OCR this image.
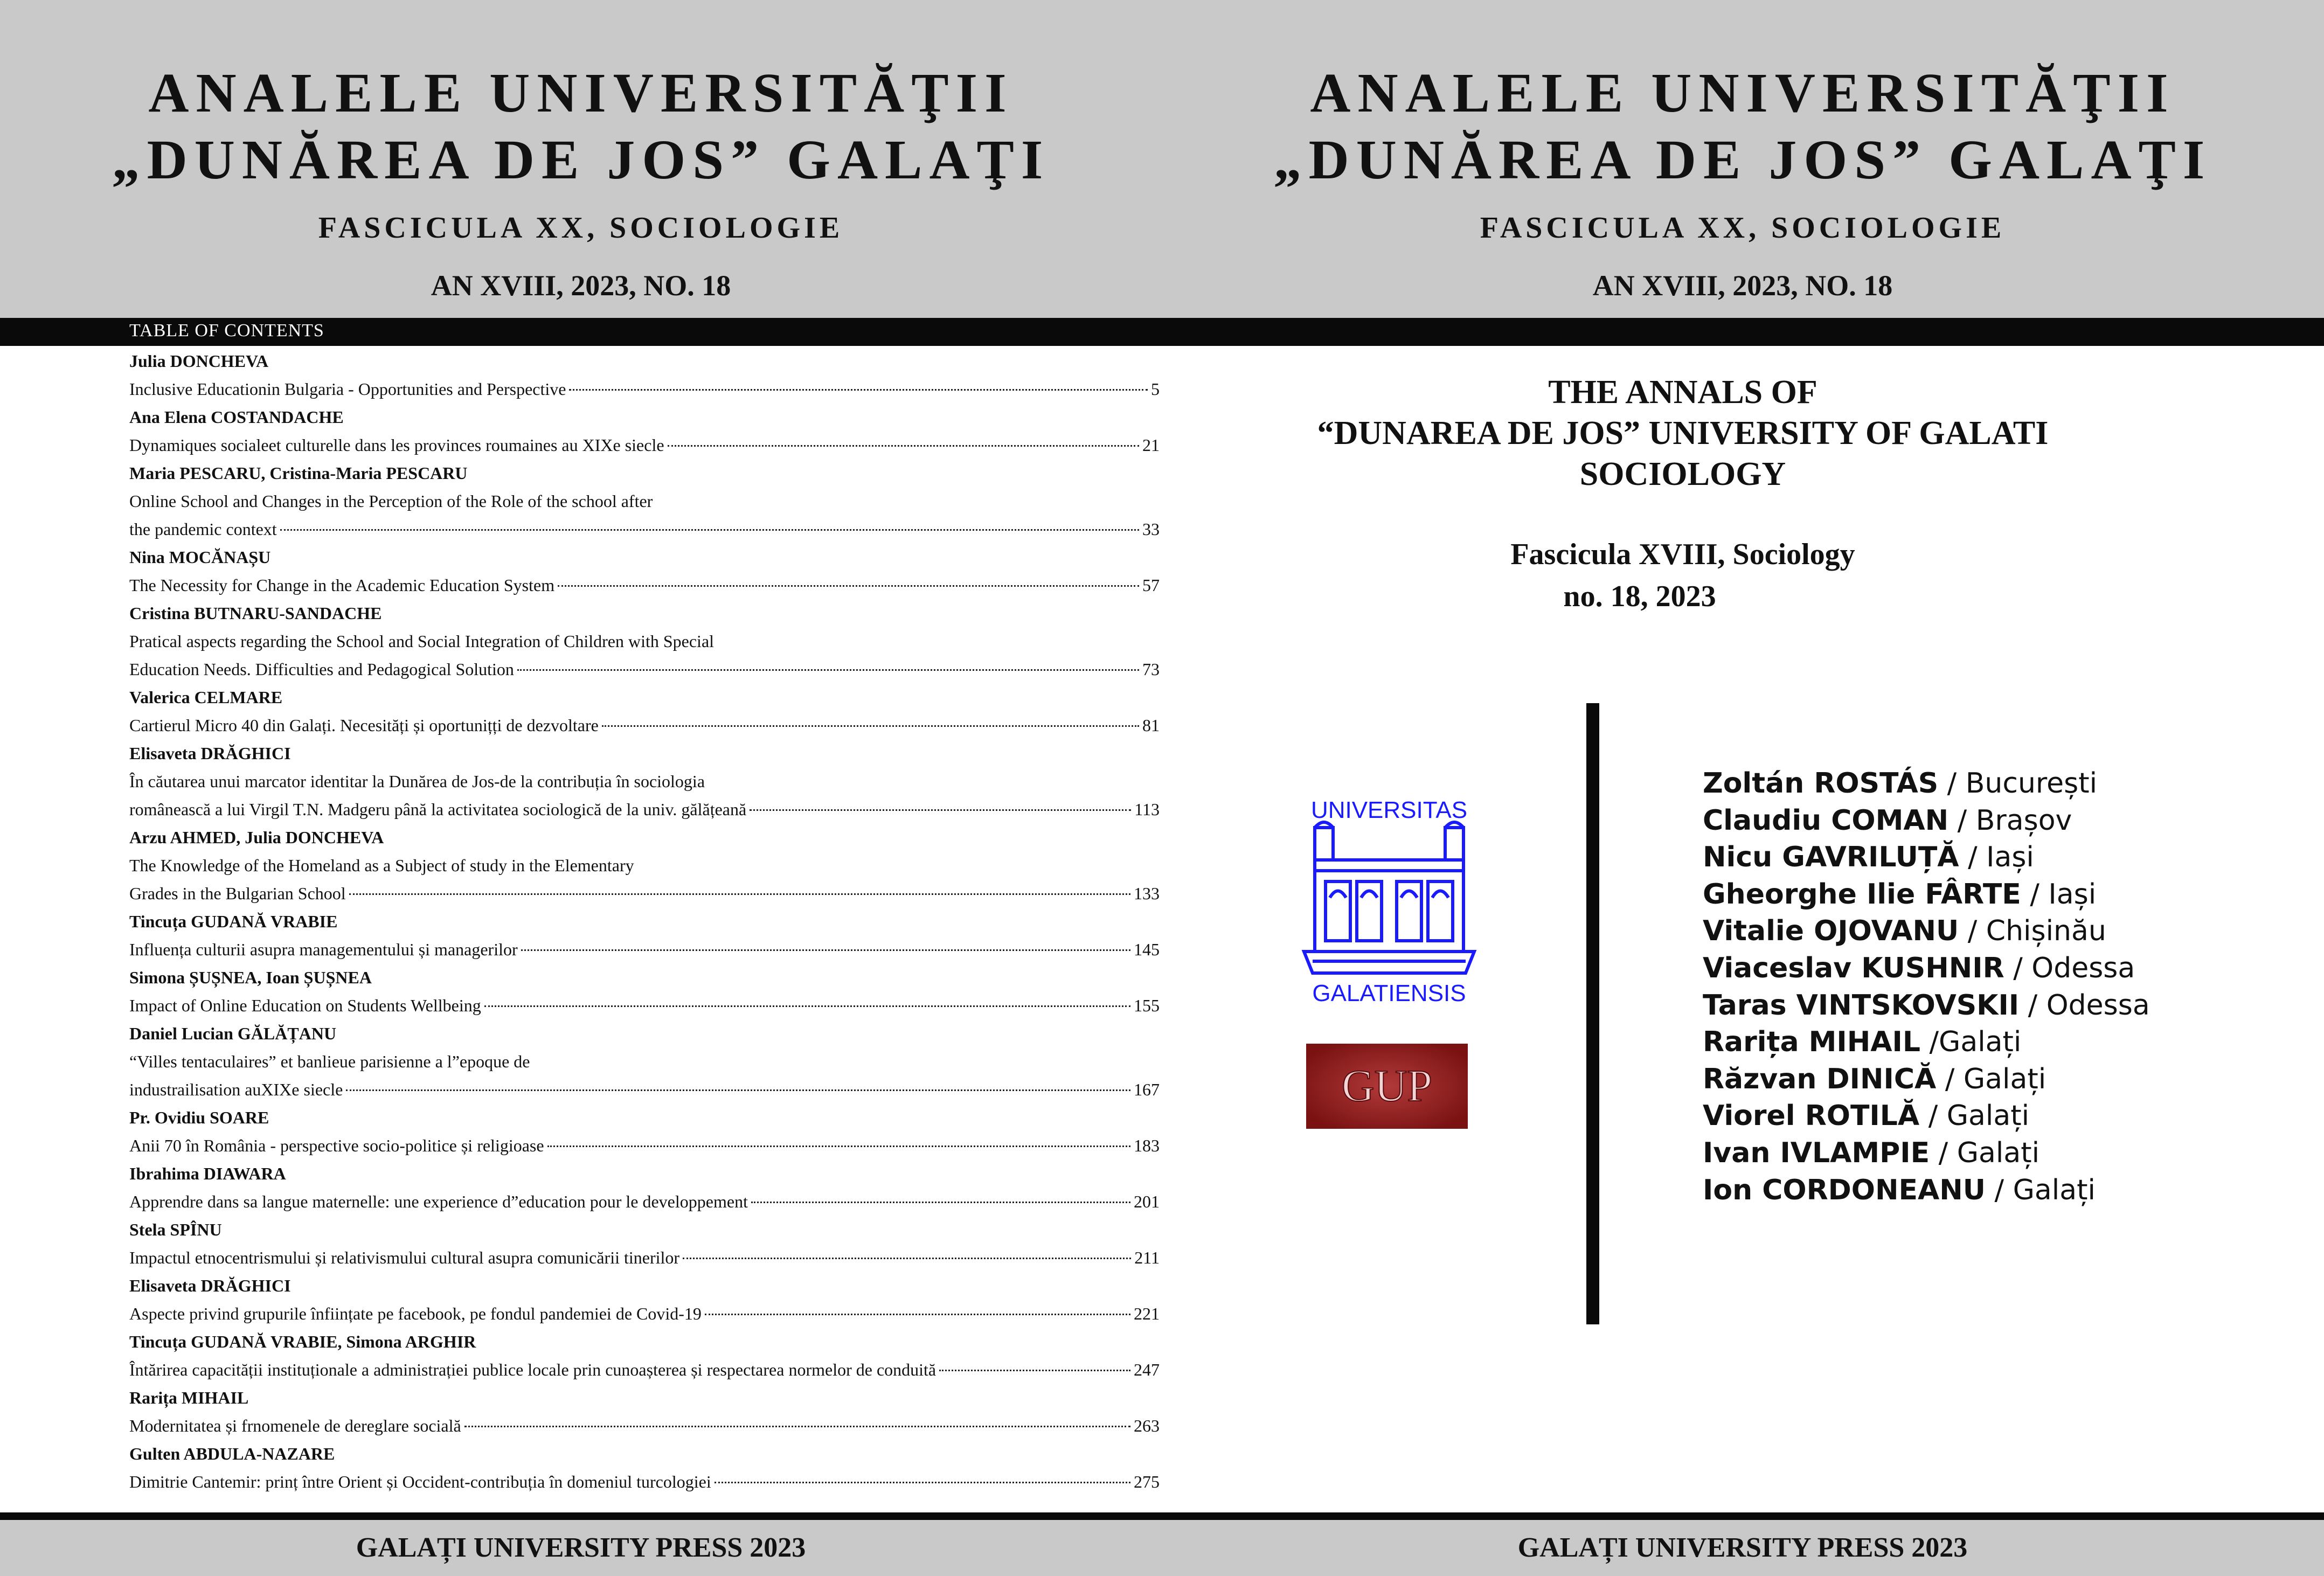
ANALELE UNIVERSITĂŢII
„DUNĂREA DE JOS” GALAŢI
FASCICULA XX, SOCIOLOGIE
AN XVIII, 2023, NO. 18
ANALELE UNIVERSITĂŢII
„DUNĂREA DE JOS” GALAŢI
FASCICULA XX, SOCIOLOGIE
AN XVIII, 2023, NO. 18
TABLE OF CONTENTS
Julia DONCHEVA
Inclusive Educationin Bulgaria - Opportunities and Perspective	5
Ana Elena COSTANDACHE
Dynamiques socialeet culturelle dans les provinces roumaines au XIXe siecle	21
Maria PESCARU, Cristina-Maria PESCARU
Online School and Changes in the Perception of the Role of the school after
the pandemic context	33
Nina MOCĂNAȘU
The Necessity for Change in the Academic Education System	57
Cristina BUTNARU-SANDACHE
Pratical aspects regarding the School and Social Integration of Children with Special
Education Needs. Difficulties and Pedagogical Solution	73
Valerica CELMARE
Cartierul Micro 40 din Galați. Necesități și oportunițți de dezvoltare	81
Elisaveta DRĂGHICI
În căutarea unui marcator identitar la Dunărea de Jos-de la contribuția în sociologia
românească a lui Virgil T.N. Madgeru până la activitatea sociologică de la univ. gălățeană	113
Arzu AHMED, Julia DONCHEVA
The Knowledge of the Homeland as a Subject of study in the Elementary
Grades in the Bulgarian School	133
Tincuța GUDANĂ VRABIE
Influența culturii asupra managementului și managerilor	145
Simona ȘUȘNEA, Ioan ȘUȘNEA
Impact of Online Education on Students Wellbeing	155
Daniel Lucian GĂLĂȚANU
“Villes tentaculaires” et banlieue parisienne a l”epoque de
industrailisation auXIXe siecle	167
Pr. Ovidiu SOARE
Anii 70 în România - perspective socio-politice și religioase	183
Ibrahima DIAWARA
Apprendre dans sa langue maternelle: une experience d”education pour le developpement	201
Stela SPÎNU
Impactul etnocentrismului și relativismului cultural asupra comunicării tinerilor	211
Elisaveta DRĂGHICI
Aspecte privind grupurile înființate pe facebook, pe fondul pandemiei de Covid-19	221
Tincuța GUDANĂ VRABIE, Simona ARGHIR
Întărirea capacității instituționale a administrației publice locale prin cunoașterea și respectarea normelor de conduită	247
Rarița MIHAIL
Modernitatea și frnomenele de dereglare socială	263
Gulten ABDULA-NAZARE
Dimitrie Cantemir: prinț între Orient și Occident-contribuția în domeniul turcologiei	275
THE ANNALS OF
“DUNAREA DE JOS” UNIVERSITY OF GALATI
SOCIOLOGY
Fascicula XVIII, Sociology
no. 18, 2023
UNIVERSITAS
GALATIENSIS
GUP
Zoltán ROSTÁS / București
Claudiu COMAN / Brașov
Nicu GAVRILUȚĂ / Iași
Gheorghe Ilie FÂRTE / Iași
Vitalie OJOVANU / Chișinău
Viaceslav KUSHNIR / Odessa
Taras VINTSKOVSKII / Odessa
Rarița MIHAIL /Galați
Răzvan DINICĂ / Galați
Viorel ROTILĂ / Galați
Ivan IVLAMPIE / Galați
Ion CORDONEANU / Galați
GALAȚI UNIVERSITY PRESS 2023	GALAȚI UNIVERSITY PRESS 2023
